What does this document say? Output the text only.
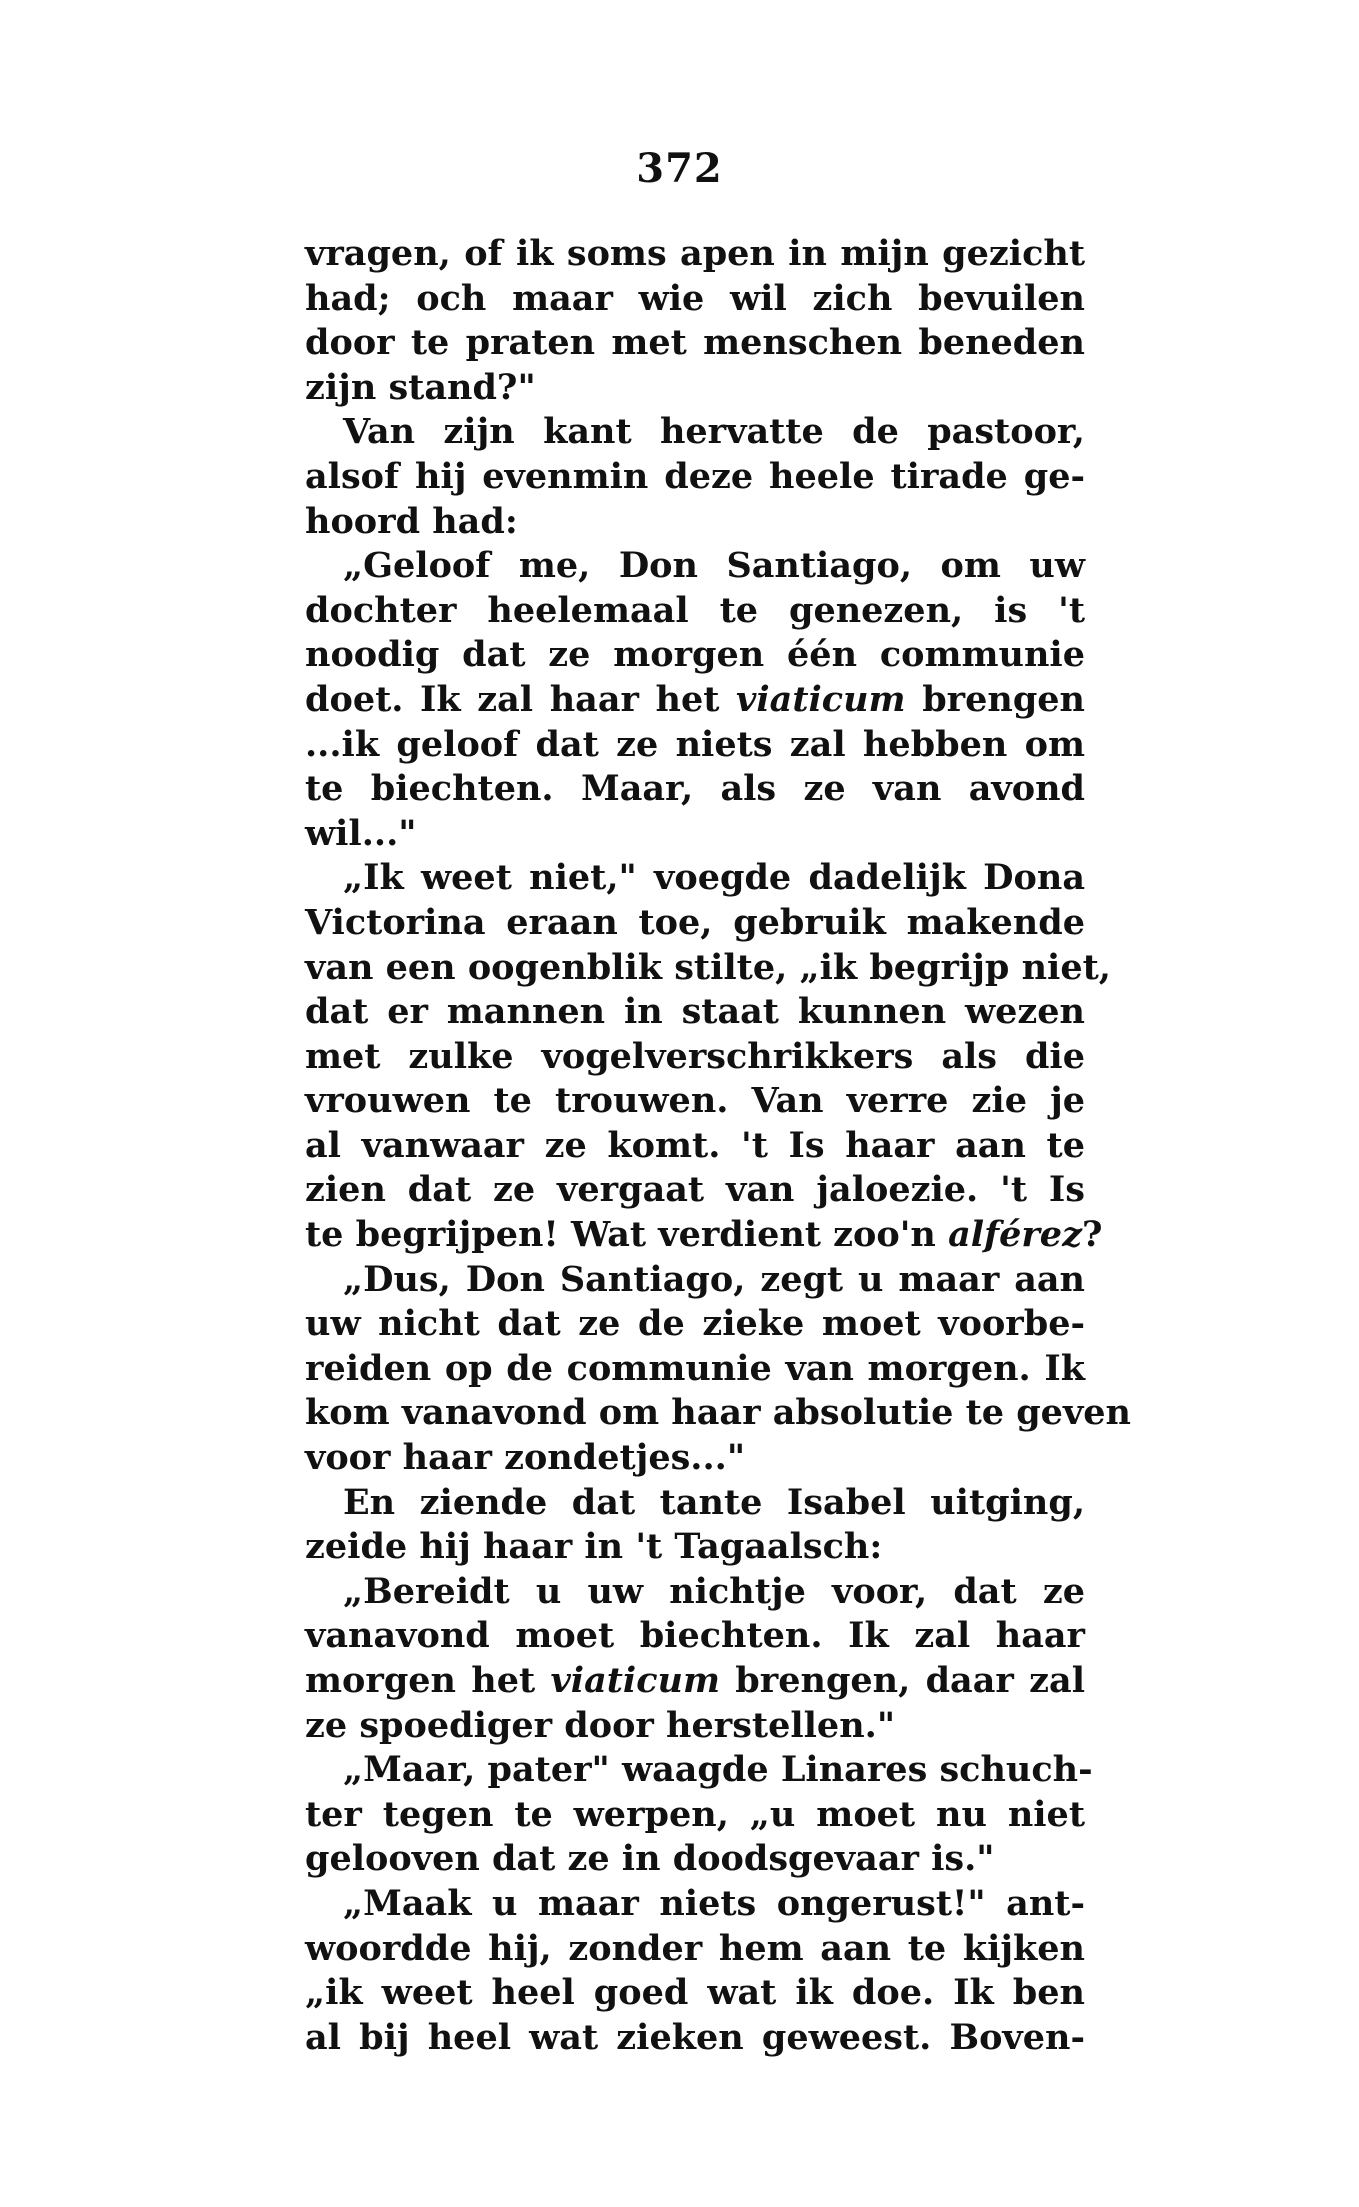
372
vragen, of ik soms apen in mijn gezicht
had; och maar wie wil zich bevuilen
door te praten met menschen beneden
zijn stand?"
Van zijn kant hervatte de pastoor,
alsof hij evenmin deze heele tirade ge-
hoord had:
„Geloof me, Don Santiago, om uw
dochter heelemaal te genezen, is 't
noodig dat ze morgen één communie
doet. Ik zal haar het viaticum brengen
...ik geloof dat ze niets zal hebben om
te biechten. Maar, als ze van avond
wil..."
„Ik weet niet," voegde dadelijk Dona
Victorina eraan toe, gebruik makende
van een oogenblik stilte, „ik begrijp niet,
dat er mannen in staat kunnen wezen
met zulke vogelverschrikkers als die
vrouwen te trouwen. Van verre zie je
al vanwaar ze komt. 't Is haar aan te
zien dat ze vergaat van jaloezie. 't Is
te begrijpen! Wat verdient zoo'n alférez?
„Dus, Don Santiago, zegt u maar aan
uw nicht dat ze de zieke moet voorbe-
reiden op de communie van morgen. Ik
kom vanavond om haar absolutie te geven
voor haar zondetjes..."
En ziende dat tante Isabel uitging,
zeide hij haar in 't Tagaalsch:
„Bereidt u uw nichtje voor, dat ze
vanavond moet biechten. Ik zal haar
morgen het viaticum brengen, daar zal
ze spoediger door herstellen."
„Maar, pater" waagde Linares schuch-
ter tegen te werpen, „u moet nu niet
gelooven dat ze in doodsgevaar is."
„Maak u maar niets ongerust!" ant-
woordde hij, zonder hem aan te kijken
„ik weet heel goed wat ik doe. Ik ben
al bij heel wat zieken geweest. Boven-
